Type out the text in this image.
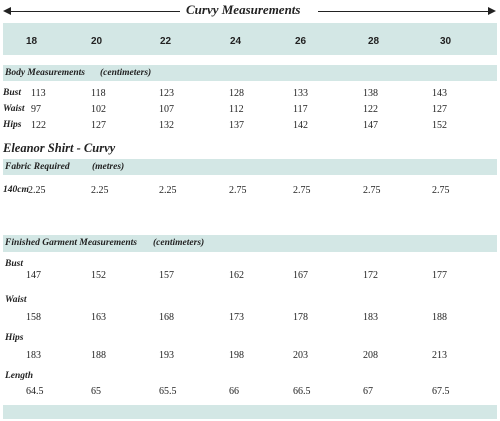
Curvy Measurements
18	20	22	24	26	28	30
Body Measurements (centimeters)
Bust 113	118	123	128	133	138	143
Waist 97	102	107	112	117	122	127
Hips 122	127	132	137	142	147	152
Eleanor Shirt - Curvy
Fabric Required (metres)
140cm 2.25	2.25	2.25	2.75	2.75	2.75	2.75
Finished Garment Measurements (centimeters)
Bust
147	152	157	162	167	172	177
Waist
158	163	168	173	178	183	188
Hips
183	188	193	198	203	208	213
Length
64.5	65	65.5	66	66.5	67	67.5
